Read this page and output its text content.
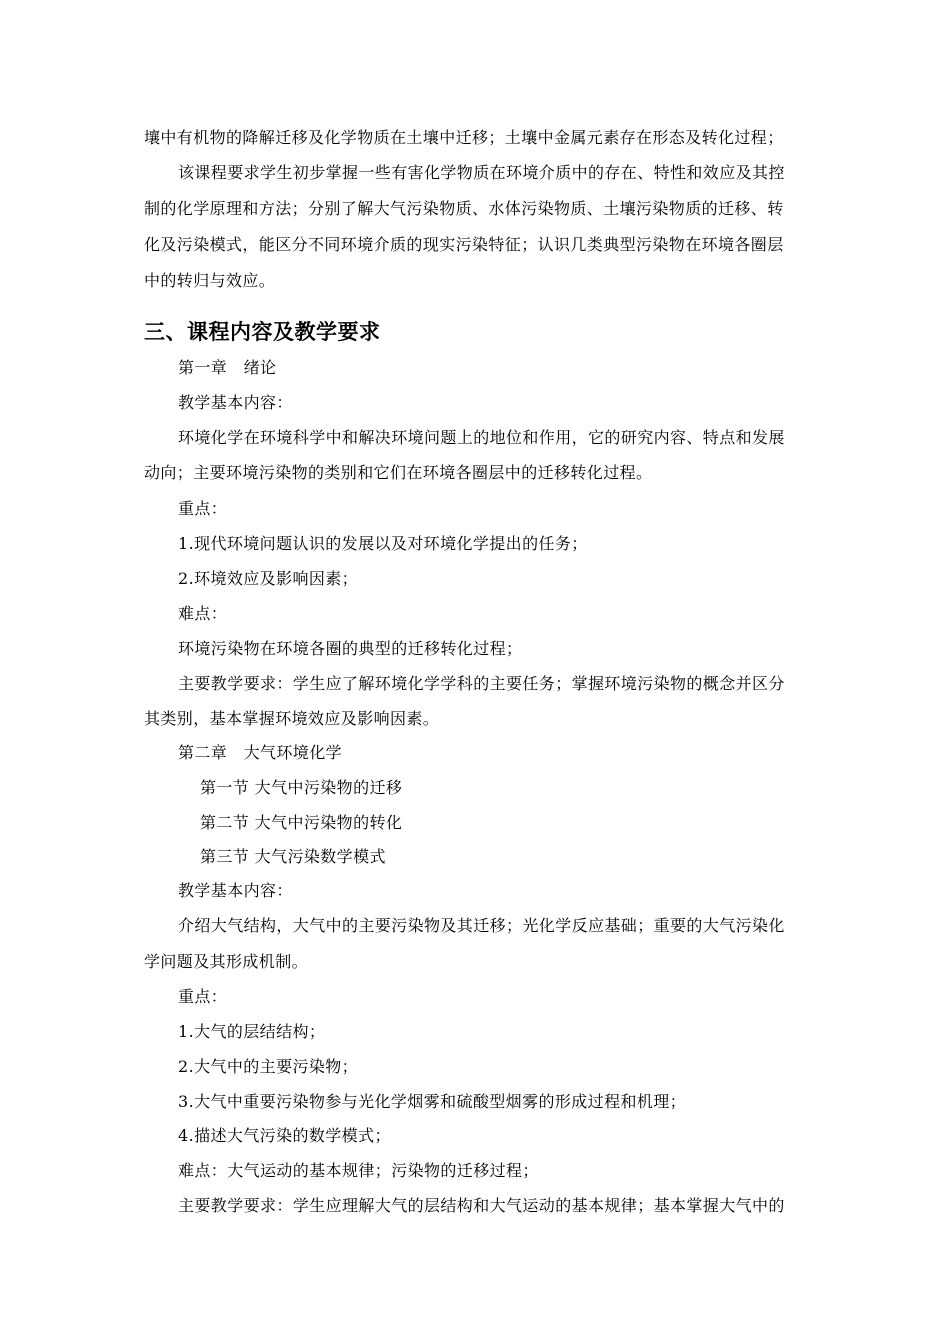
壤中有机物的降解迁移及化学物质在土壤中迁移；土壤中金属元素存在形态及转化过程；
该课程要求学生初步掌握一些有害化学物质在环境介质中的存在、特性和效应及其控
制的化学原理和方法；分别了解大气污染物质、水体污染物质、土壤污染物质的迁移、转
化及污染模式，能区分不同环境介质的现实污染特征；认识几类典型污染物在环境各圈层
中的转归与效应。
三、课程内容及教学要求
第一章　绪论
教学基本内容：
环境化学在环境科学中和解决环境问题上的地位和作用，它的研究内容、特点和发展
动向；主要环境污染物的类别和它们在环境各圈层中的迁移转化过程。
重点：
1.现代环境问题认识的发展以及对环境化学提出的任务；
2.环境效应及影响因素；
难点：
环境污染物在环境各圈的典型的迁移转化过程；
主要教学要求：学生应了解环境化学学科的主要任务；掌握环境污染物的概念并区分
其类别，基本掌握环境效应及影响因素。
第二章　大气环境化学
第一节 大气中污染物的迁移
第二节 大气中污染物的转化
第三节 大气污染数学模式
教学基本内容：
介绍大气结构，大气中的主要污染物及其迁移；光化学反应基础；重要的大气污染化
学问题及其形成机制。
重点：
1.大气的层结结构；
2.大气中的主要污染物；
3.大气中重要污染物参与光化学烟雾和硫酸型烟雾的形成过程和机理；
4.描述大气污染的数学模式；
难点：大气运动的基本规律；污染物的迁移过程；
主要教学要求：学生应理解大气的层结构和大气运动的基本规律；基本掌握大气中的
